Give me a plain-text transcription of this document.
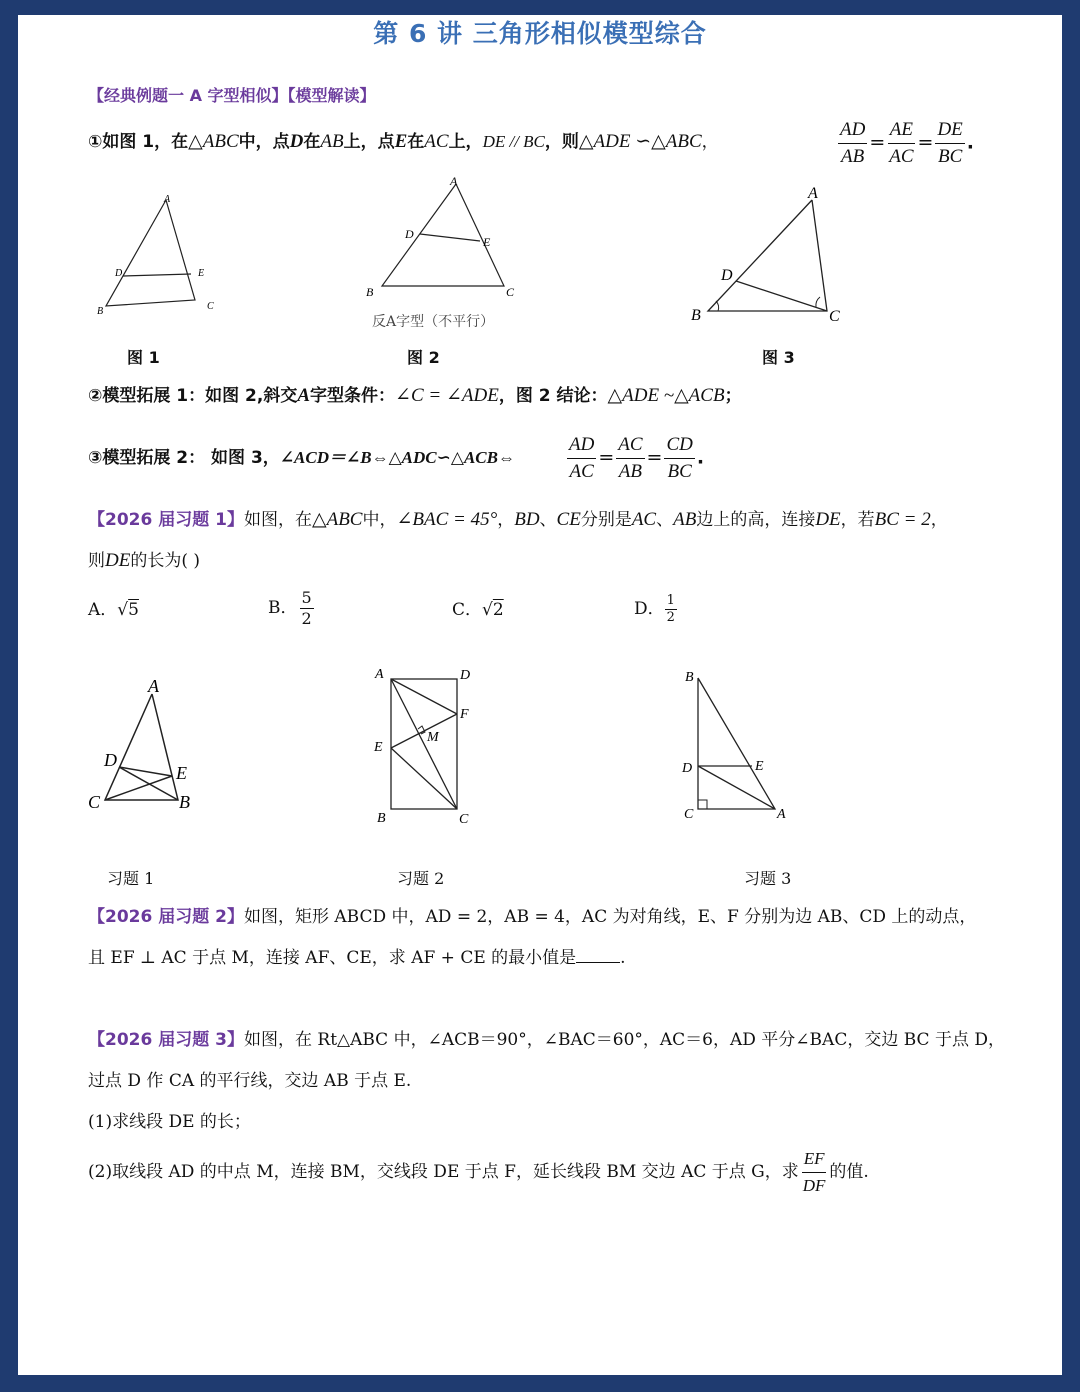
第 6 讲 三角形相似模型综合
【经典例题一 A 字型相似】【模型解读】
①如图 1，在△ABC中，点D在AB上，点E在AC上，DE // BC，则△ADE ∽△ABC，	$\frac{AD}{AB} = \frac{AE}{AC} = \frac{DE}{BC}$ .
A
B	C
D	E
图 1
A
B	C
D
E
反A字型（不平行）
图 2
A
B	C
D
图 3
②模型拓展 1：如图 2,斜交A字型条件：∠C = ∠ADE，图 2 结论：△ADE ~△ACB；
③模型拓展 2： 如图 3，∠ACD＝∠B⇔△ADC∽△ACB⇔	$\frac{AD}{AC} = \frac{AC}{AB} = \frac{CD}{BC}$ .
【2026 届习题 1】如图，在△ABC中，∠BAC = 45°，BD、CE分别是AC、AB边上的高，连接DE，若BC = 2，
则DE的长为( )
A．√5	B． $\frac{5}{2}$	C．√2	D． $\frac{1}{2}$
A
C	B
D
E
习题 1
A	D
F
E
M
B	C
习题 2
B
D	E
C	A
习题 3
【2026 届习题 2】如图，矩形 ABCD 中，AD = 2，AB = 4，AC 为对角线，E、F 分别为边 AB、CD 上的动点，
且 EF ⊥ AC 于点 M，连接 AF、CE，求 AF + CE 的最小值是	.
【2026 届习题 3】如图，在 Rt△ABC 中，∠ACB＝90°，∠BAC＝60°，AC＝6，AD 平分∠BAC，交边 BC 于点 D，
过点 D 作 CA 的平行线，交边 AB 于点 E.
(1)求线段 DE 的长；
(2)取线段 AD 的中点 M，连接 BM，交线段 DE 于点 F，延长线段 BM 交边 AC 于点 G，求 $\frac{EF}{DF}$ 的值.
